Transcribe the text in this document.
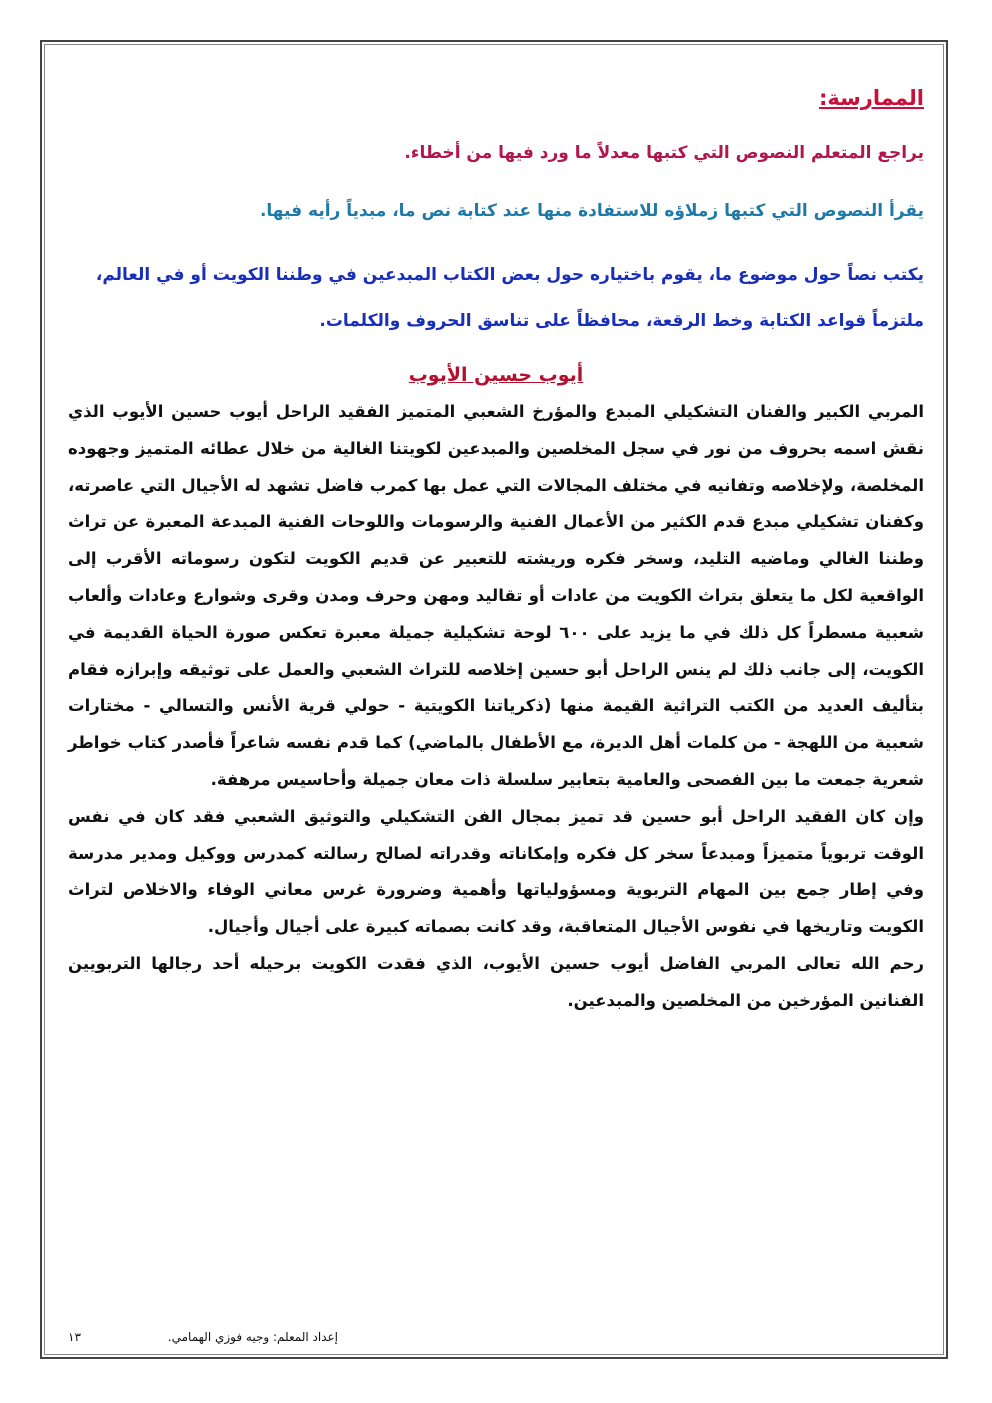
الممارسة:

يراجع المتعلم النصوص التي كتبها معدلاً ما ورد فيها من أخطاء.

يقرأ النصوص التي كتبها زملاؤه للاستفادة منها عند كتابة نص ما، مبدياً رأيه فيها.

يكتب نصاً حول موضوع ما، يقوم باختياره حول بعض الكتاب المبدعين في وطننا الكويت أو في العالم، ملتزماً قواعد الكتابة وخط الرقعة، محافظاً على تناسق الحروف والكلمات.

أيوب حسين الأيوب

المربي الكبير والفنان التشكيلي المبدع والمؤرخ الشعبي المتميز الفقيد الراحل أيوب حسين الأيوب الذي نقش اسمه بحروف من نور في سجل المخلصين والمبدعين لكويتنا الغالية من خلال عطائه المتميز وجهوده المخلصة، ولإخلاصه وتفانيه في مختلف المجالات التي عمل بها كمرب فاضل تشهد له الأجيال التي عاصرته، وكفنان تشكيلي مبدع قدم الكثير من الأعمال الفنية والرسومات واللوحات الفنية المبدعة المعبرة عن تراث وطننا الغالي وماضيه التليد، وسخر فكره وريشته للتعبير عن قديم الكويت لتكون رسوماته الأقرب إلى الواقعية لكل ما يتعلق بتراث الكويت من عادات أو تقاليد ومهن وحرف ومدن وقرى وشوارع وعادات وألعاب شعبية مسطراً كل ذلك في ما يزيد على ٦٠٠ لوحة تشكيلية جميلة معبرة تعكس صورة الحياة القديمة في الكويت، إلى جانب ذلك لم ينس الراحل أبو حسين إخلاصه للتراث الشعبي والعمل على توثيقه وإبرازه فقام بتأليف العديد من الكتب التراثية القيمة منها (ذكرياتنا الكويتية - حولي قرية الأنس والتسالي - مختارات شعبية من اللهجة - من كلمات أهل الديرة، مع الأطفال بالماضي) كما قدم نفسه شاعراً فأصدر كتاب خواطر شعرية جمعت ما بين الفصحى والعامية بتعابير سلسلة ذات معان جميلة وأحاسيس مرهفة.

وإن كان الفقيد الراحل أبو حسين قد تميز بمجال الفن التشكيلي والتوثيق الشعبي فقد كان في نفس الوقت تربوياً متميزاً ومبدعاً سخر كل فكره وإمكاناته وقدراته لصالح رسالته كمدرس ووكيل ومدير مدرسة وفي إطار جمع بين المهام التربوية ومسؤولياتها وأهمية وضرورة غرس معاني الوفاء والاخلاص لتراث الكويت وتاريخها في نفوس الأجيال المتعاقبة، وقد كانت بصماته كبيرة على أجيال وأجيال.

رحم الله تعالى المربي الفاضل أيوب حسين الأيوب، الذي فقدت الكويت برحيله أحد رجالها التربويين الفنانين المؤرخين من المخلصين والمبدعين.

إعداد المعلم: وجيه فوزي الهمامي.
١٣
